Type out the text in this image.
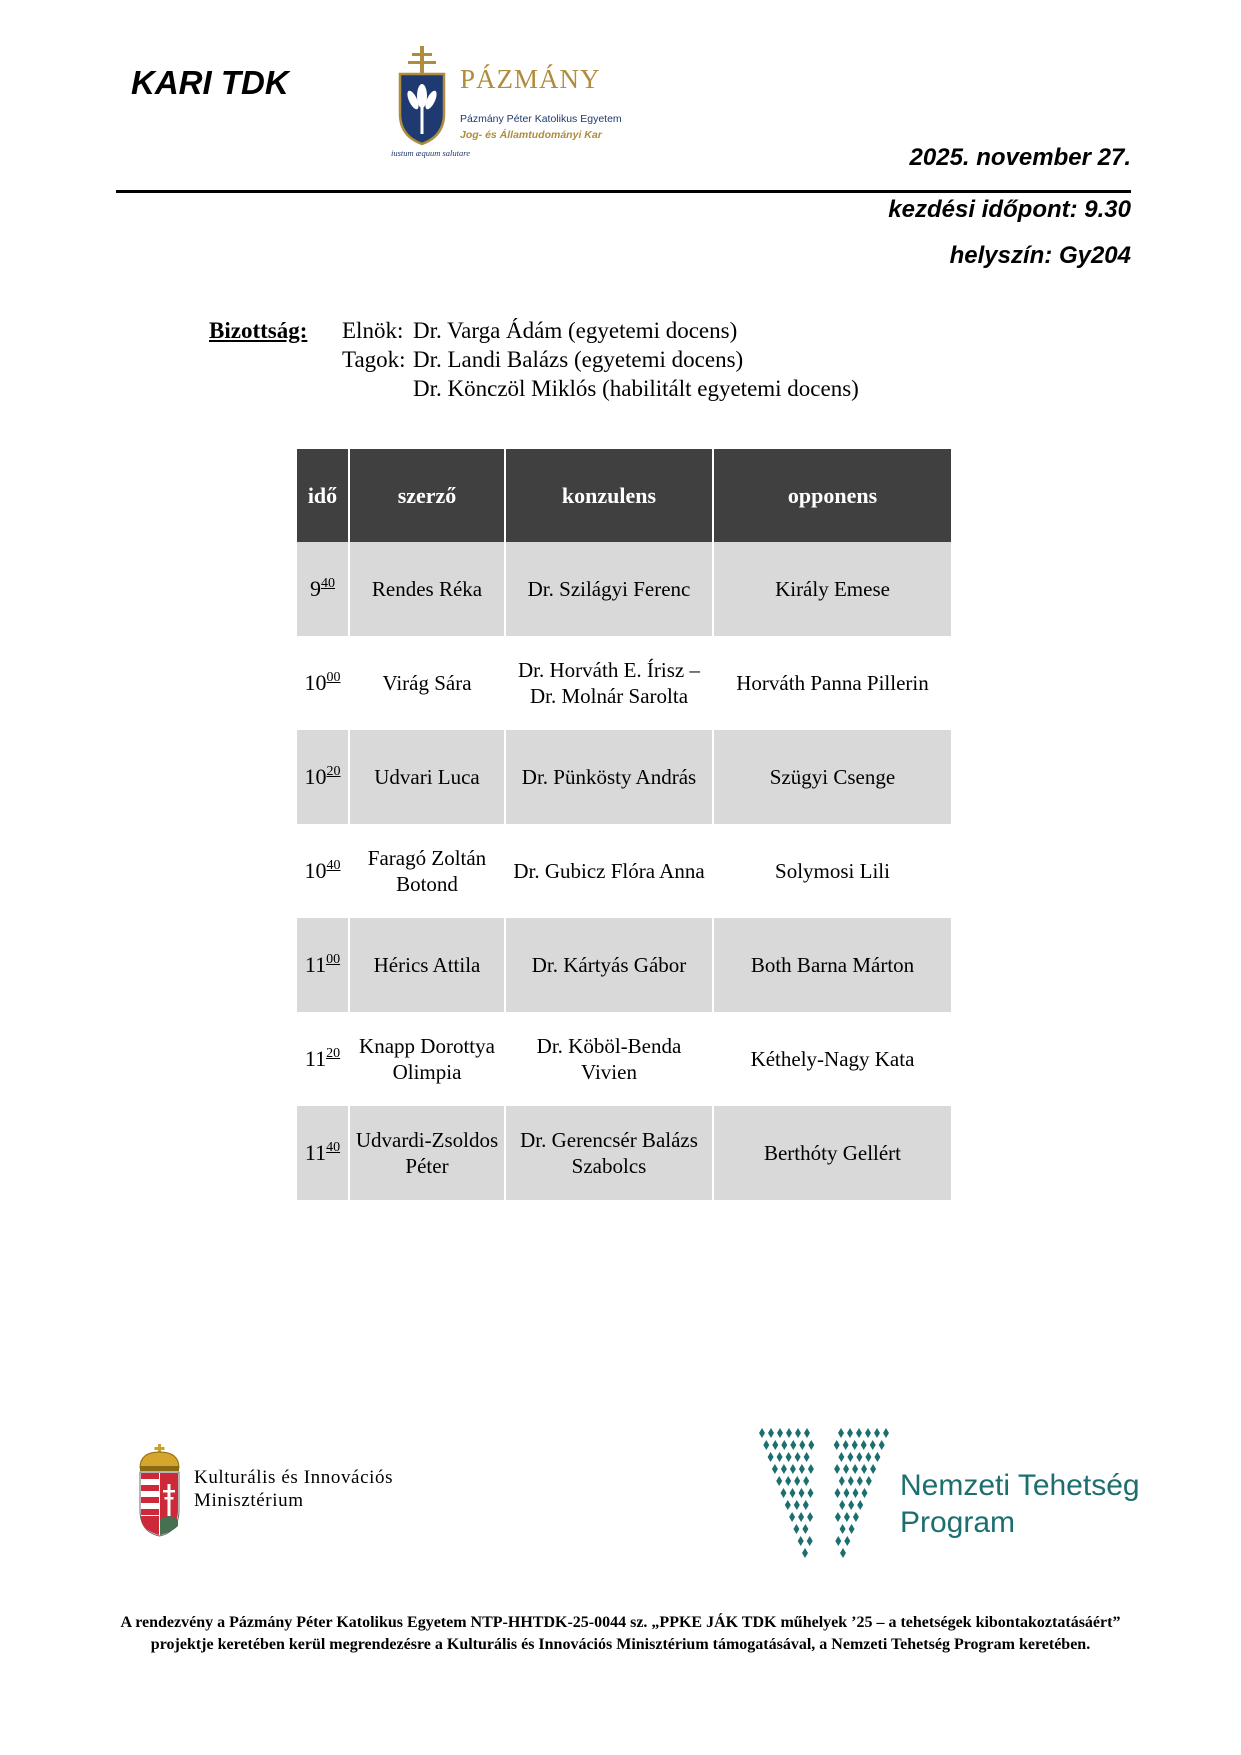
KARI TDK
iustum æquum salutare
PÁZMÁNY
Pázmány Péter Katolikus Egyetem
Jog- és Államtudományi Kar
2025. november 27.
kezdési időpont: 9.30
helyszín: Gy204
Bizottság: Elnök: Dr. Varga Ádám (egyetemi docens)
Tagok: Dr. Landi Balázs (egyetemi docens)
Dr. Könczöl Miklós (habilitált egyetemi docens)
idő	szerző	konzulens	opponens
$9^{40}$	Rendes Réka	Dr. Szilágyi Ferenc	Király Emese
$10^{00}$	Virág Sára	Dr. Horváth E. Írisz – Dr. Molnár Sarolta	Horváth Panna Pillerin
$10^{20}$	Udvari Luca	Dr. Pünkösty András	Szügyi Csenge
$10^{40}$	Faragó Zoltán Botond	Dr. Gubicz Flóra Anna	Solymosi Lili
$11^{00}$	Hérics Attila	Dr. Kártyás Gábor	Both Barna Márton
$11^{20}$	Knapp Dorottya Olimpia	Dr. Köböl-Benda Vivien	Kéthely-Nagy Kata
$11^{40}$	Udvardi-Zsoldos Péter	Dr. Gerencsér Balázs Szabolcs	Berthóty Gellért
Kulturális és Innovációs
Minisztérium	Nemzeti Tehetség
Program
A rendezvény a Pázmány Péter Katolikus Egyetem NTP-HHTDK-25-0044 sz. „PPKE JÁK TDK műhelyek ’25 – a tehetségek kibontakoztatásáért” projektje keretében kerül megrendezésre a Kulturális és Innovációs Minisztérium támogatásával, a Nemzeti Tehetség Program keretében.
